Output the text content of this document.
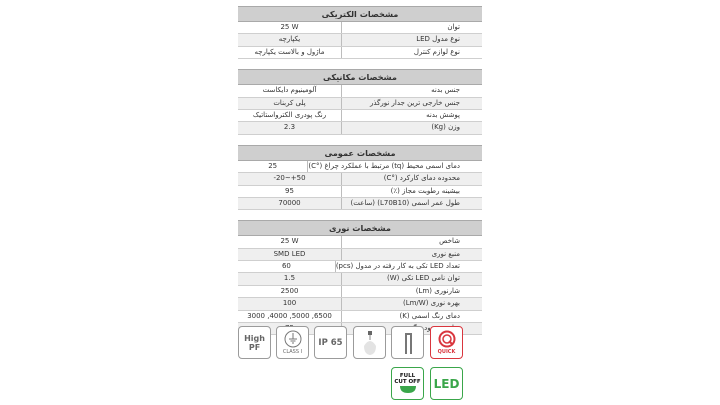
مشخصات الکتریکی
25 W	توان
یکپارچه	نوع مدول LED
ماژول و بالاست یکپارچه	نوع لوازم کنترل
مشخصات مکانیکی
آلومینیوم دایکاست	جنس بدنه
پلی کربنات	جنس خارجی ترین جدار نورگذر
رنگ پودری الکترواستاتیک	پوشش بدنه
2.3	وزن (Kg)
مشخصات عمومی
25	دمای اسمی محیط (tq) مرتبط با عملکرد چراغ (°C)
-20~+50	محدوده دمای کارکرد (°C)
95	بیشینه رطوبت مجاز (٪)
70000	طول عمر اسمی (L70B10) (ساعت)
مشخصات نوری
25 W	شاخص
SMD LED	منبع نوری
60	تعداد LED تکی به کار رفته در مدول (pcs)
1.5	توان نامی LED تکی (W)
2500	شارنوری (Lm)
100	بهره نوری (Lm/W)
3000 ,4000 ,5000 ,6500	دمای رنگ اسمی (K)
High
PF
CLASS I
IP 65
QUICK
FULL
CUT OFF LED
